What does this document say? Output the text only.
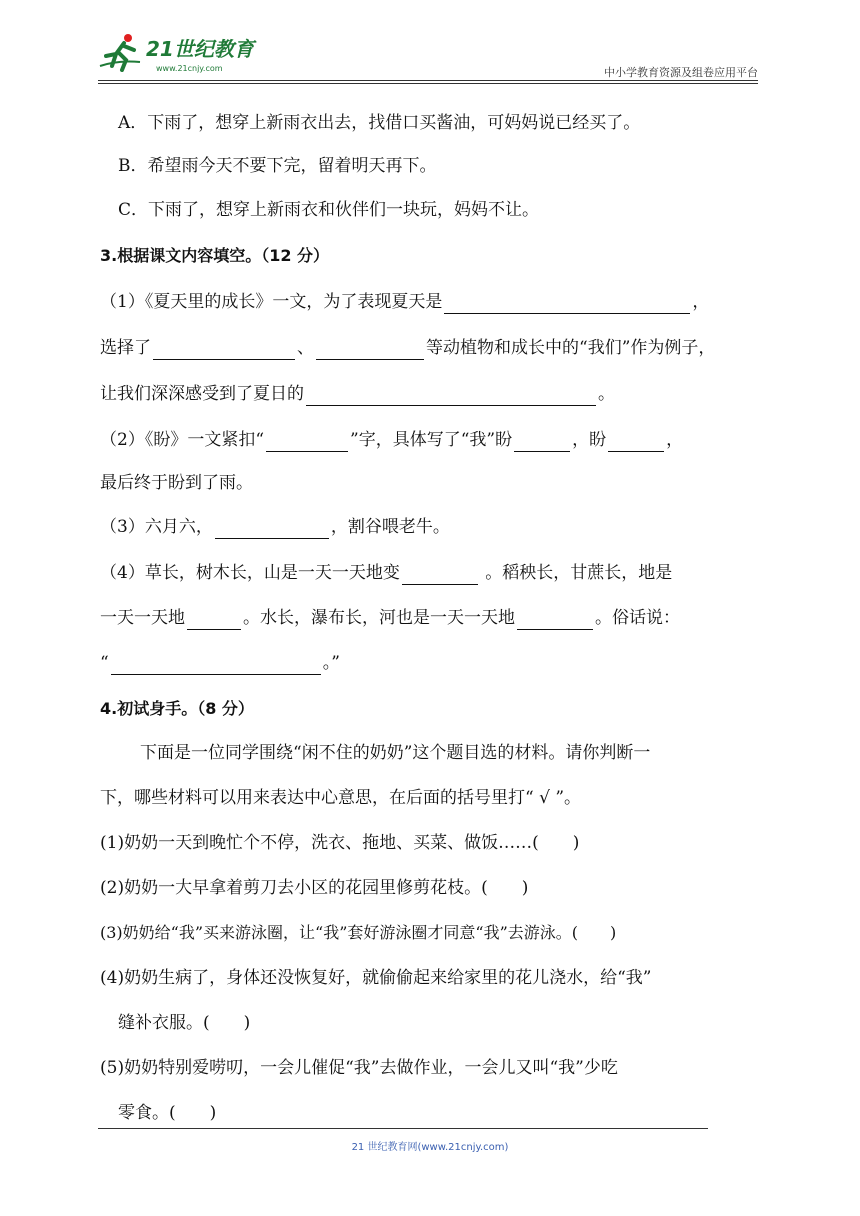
21世纪教育
www.21cnjy.com	中小学教育资源及组卷应用平台
A．下雨了，想穿上新雨衣出去，找借口买酱油，可妈妈说已经买了。
B．希望雨今天不要下完，留着明天再下。
C．下雨了，想穿上新雨衣和伙伴们一块玩，妈妈不让。
3.根据课文内容填空。（12 分）
（1）《夏天里的成长》一文，为了表现夏天是	，
选择了	、	等动植物和成长中的“我们”作为例子，
让我们深深感受到了夏日的	。
（2）《盼》一文紧扣“	”字，具体写了“我”盼	，盼	，
最后终于盼到了雨。
（3）六月六，	，割谷喂老牛。
（4）草长，树木长，山是一天一天地变	。稻秧长，甘蔗长，地是
一天一天地	。水长，瀑布长，河也是一天一天地	。俗话说：
“	。”
4.初试身手。（8 分）
下面是一位同学围绕“闲不住的奶奶”这个题目选的材料。请你判断一
下，哪些材料可以用来表达中心意思，在后面的括号里打“ √ ”。
(1)奶奶一天到晚忙个不停，洗衣、拖地、买菜、做饭……(　　)
(2)奶奶一大早拿着剪刀去小区的花园里修剪花枝。(　　)
(3)奶奶给“我”买来游泳圈，让“我”套好游泳圈才同意“我”去游泳。(　　)
(4)奶奶生病了，身体还没恢复好，就偷偷起来给家里的花儿浇水，给“我”
缝补衣服。(　　)
(5)奶奶特别爱唠叨，一会儿催促“我”去做作业，一会儿又叫“我”少吃
零食。(　　)
21 世纪教育网(www.21cnjy.com)
